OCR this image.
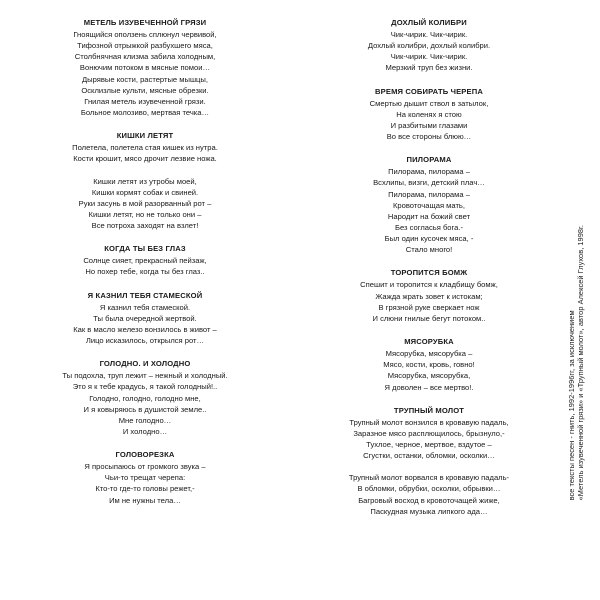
МЕТЕЛЬ ИЗУВЕЧЕННОЙ ГРЯЗИ
Гноящийся оползень сплюнул червивой,
Тифозной отрыжкой разбухшего мяса,
Столбнячная клизма забила холодным,
Вонючим потоком в мясные помои…
Дырявые кости, растертые мышцы,
Осклизлые культи, мясные обрезки.
Гнилая метель изувеченной грязи.
Больное молозиво, мертвая течка…
КИШКИ ЛЕТЯТ
Полетела, полетела стая кишек из нутра.
Кости крошит, мясо дрочит лезвие ножа.
Кишки летят из утробы моей,
Кишки кормят собак и свиней.
Руки засунь в мой разорванный рот –
Кишки летят, но не только они –
Все потроха заходят на взлет!
КОГДА ТЫ БЕЗ ГЛАЗ
Солнце сияет, прекрасный пейзаж,
Но похер тебе, когда ты без глаз..
Я КАЗНИЛ ТЕБЯ СТАМЕСКОЙ
Я казнил тебя стамеской.
Ты была очередной жертвой.
Как в масло железо вонзилось в живот –
Лицо исказилось, открылся рот…
ГОЛОДНО. И ХОЛОДНО
Ты подохла, труп лежит – нежный и холодный.
Это я к тебе крадусь, я такой голодный!..
Голодно, голодно, голодно мне,
И я ковыряюсь в душистой земле..
Мне голодно…
И холодно…
ГОЛОВОРЕЗКА
Я просыпаюсь от громкого звука –
Чьи-то трещат черепа:
Кто-то где-то головы режет,-
Им не нужны тела…
ДОХЛЫЙ КОЛИБРИ
Чик-чирик. Чик-чирик.
Дохлый колибри, дохлый колибри.
Чик-чирик. Чик-чирик.
Мерзкий труп без жизни.
ВРЕМЯ СОБИРАТЬ ЧЕРЕПА
Смертью дышит ствол в затылок,
На коленях я стою
И разбитыми глазами
Во все стороны блюю…
ПИЛОРАМА
Пилорама, пилорама –
Всхлипы, визги, детский плач…
Пилорама, пилорама –
Кровоточащая мать,
Народит на божий свет
Без согласья бога.-
Был один кусочек мяса, -
Стало много!
ТОРОПИТСЯ БОМЖ
Спешит и торопится к кладбищу бомж,
Жажда жрать зовет к истокам;
В грязной руке сверкает нож
И слюни гнилые бегут потоком..
МЯСОРУБКА
Мясорубка, мясорубка –
Мясо, кости, кровь, говно!
Мясорубка, мясорубка,
Я доволен – все мертво!.
ТРУПНЫЙ МОЛОТ
Трупный молот вонзился в кровавую падаль,
Заразное мясо расплющилось, брызнуло,-
Тухлое, черное, мертвое, вздутое –
Сгустки, останки, обломки, осколки…
Трупный молот ворвался в кровавую падаль-
В обломки, обрубки, осколки, обрывки…
Багровый восход в кровоточащей жиже,
Паскудная музыка липкого ада…
все тексты песен - гнить, 1992-1996гг, за исключением «Метель изувеченной грязи» и «Трупный молот», автор Алексей Глухов, 1998г.
